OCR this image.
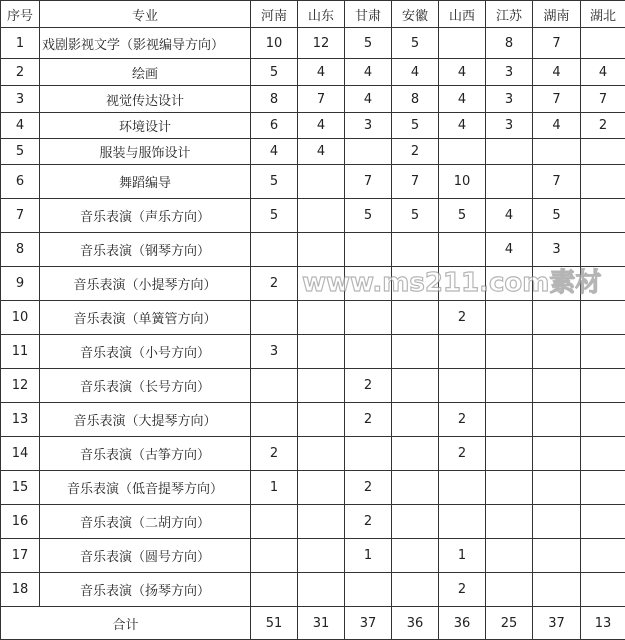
序号	专业	河南	山东	甘肃	安徽	山西	江苏	湖南	湖北
1	戏剧影视文学（影视编导方向）	10	12	5	5		8	7	
2	绘画	5	4	4	4	4	3	4	4
3	视觉传达设计	8	7	4	8	4	3	7	7
4	环境设计	6	4	3	5	4	3	4	2
5	服装与服饰设计	4	4		2				
6	舞蹈编导	5		7	7	10		7	
7	音乐表演（声乐方向）	5		5	5	5	4	5	
8	音乐表演（钢琴方向）						4	3	
9	音乐表演（小提琴方向）	2							
10	音乐表演（单簧管方向）					2			
11	音乐表演（小号方向）	3							
12	音乐表演（长号方向）			2					
13	音乐表演（大提琴方向）			2		2			
14	音乐表演（古筝方向）	2				2			
15	音乐表演（低音提琴方向）	1		2					
16	音乐表演（二胡方向）			2					
17	音乐表演（圆号方向）			1		1			
18	音乐表演（扬琴方向）					2			
合计		51	31	37	36	36	25	37	13
www.ms211.com素材
